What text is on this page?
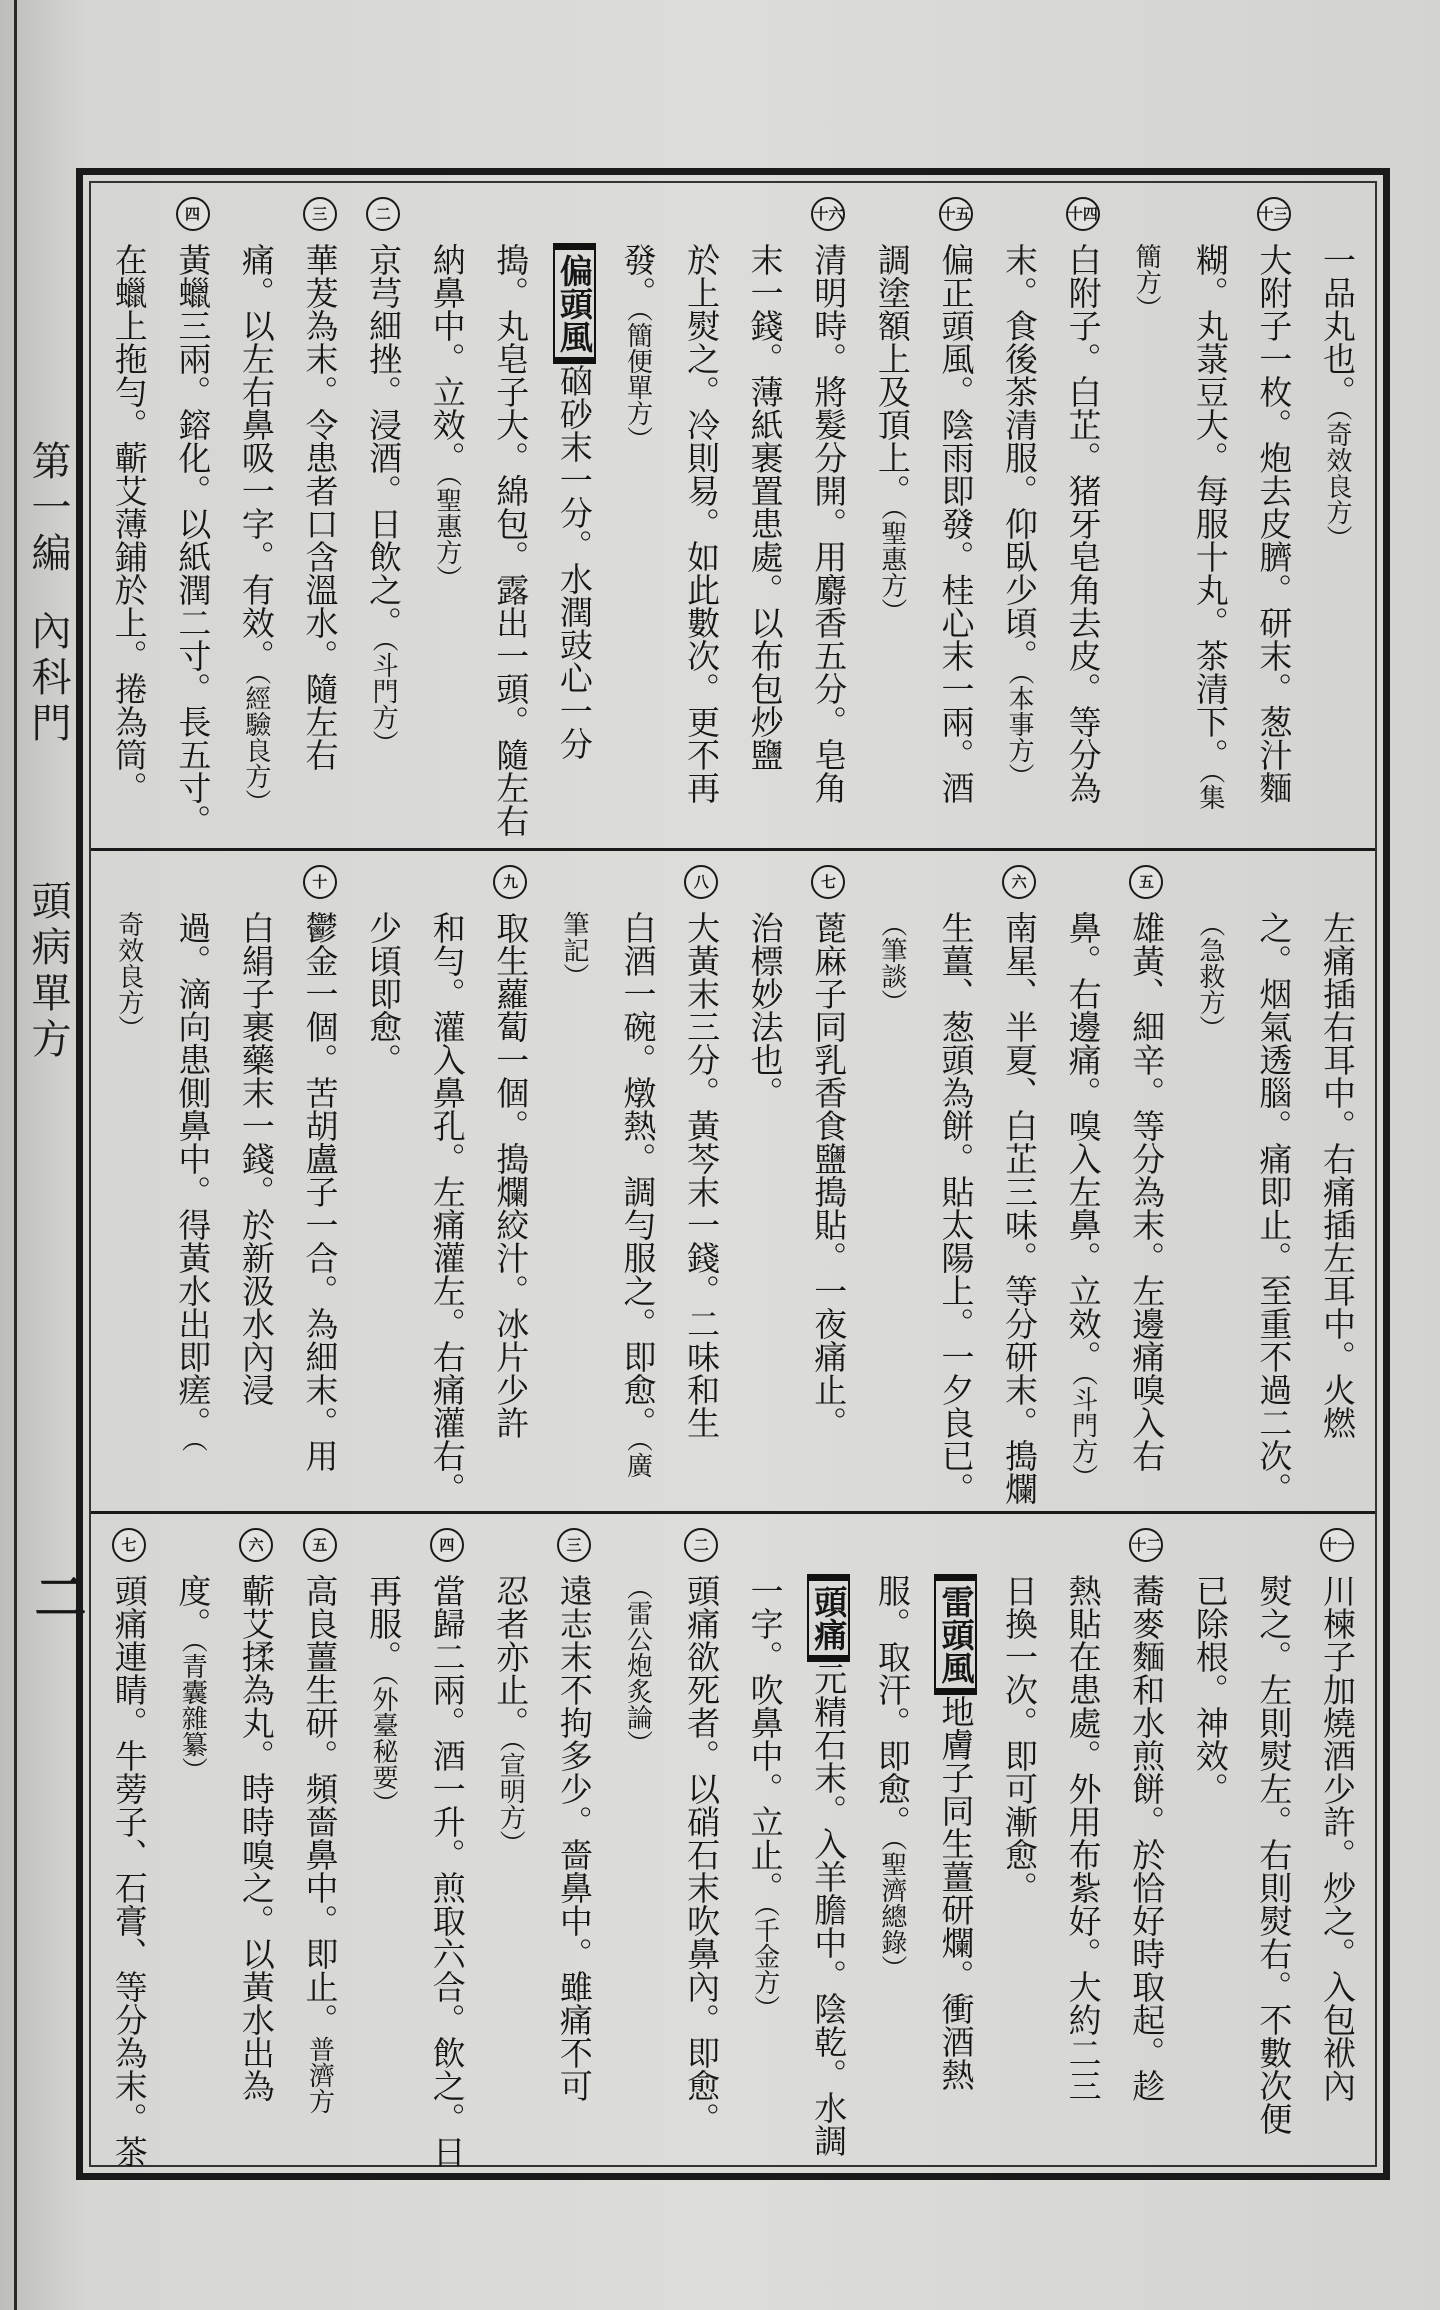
第一編
內科門
頭病單方
二
一品丸也。（奇效良方）
十三
大附子一枚。炮去皮臍。研末。葱汁麵
糊。丸菉豆大。每服十丸。茶清下。（集
簡方）
十四
白附子。白芷。猪牙皂角去皮。等分為
末。食後茶清服。仰臥少頃。（本事方）
十五
偏正頭風。陰雨即發。桂心末一兩。酒
調塗額上及頂上。（聖惠方）
十六
清明時。將髮分開。用麝香五分。皂角
末一錢。薄紙裹置患處。以布包炒鹽
於上熨之。冷則易。如此數次。更不再
發。（簡便單方）
偏頭風硇砂末一分。水潤豉心一分
搗。丸皂子大。綿包。露出一頭。隨左右
納鼻中。立效。（聖惠方）
二
京芎細挫。浸酒。日飲之。（斗門方）
三
華茇為末。令患者口含溫水。隨左右
痛。以左右鼻吸一字。有效。（經驗良方）
四
黃蠟三兩。鎔化。以紙潤二寸。長五寸。
在蠟上拖勻。蘄艾薄鋪於上。捲為筒。
左痛插右耳中。右痛插左耳中。火燃
之。烟氣透腦。痛即止。至重不過二次。
（急救方）
五
雄黃、細辛。等分為末。左邊痛嗅入右
鼻。右邊痛。嗅入左鼻。立效。（斗門方）
六
南星、半夏、白芷三味。等分研末。搗爛
生薑、葱頭為餅。貼太陽上。一夕良已。
（筆談）
七
蓖麻子同乳香食鹽搗貼。一夜痛止。
治標妙法也。
八
大黃末三分。黃芩末一錢。二味和生
白酒一碗。燉熱。調勻服之。即愈。（廣
筆記）
九
取生蘿蔔一個。搗爛絞汁。冰片少許
和勻。灌入鼻孔。左痛灌左。右痛灌右。
少頃即愈。
十
鬱金一個。苦胡盧子一合。為細末。用
白絹子裹藥末一錢。於新汲水內浸
過。滴向患側鼻中。得黃水出即瘥。（
奇效良方）
十一
川楝子加燒酒少許。炒之。入包袱內
熨之。左則熨左。右則熨右。不數次便
已除根。神效。
十二
蕎麥麵和水煎餅。於恰好時取起。趁
熱貼在患處。外用布紮好。大約二三
日換一次。即可漸愈。
雷頭風地膚子同生薑研爛。衝酒熱
服。取汗。即愈。（聖濟總錄）
頭痛元精石末。入羊膽中。陰乾。水調
一字。吹鼻中。立止。（千金方）
二
頭痛欲死者。以硝石末吹鼻內。即愈。
（雷公炮炙論）
三
遠志末不拘多少。嗇鼻中。雖痛不可
忍者亦止。（宣明方）
四
當歸二兩。酒一升。煎取六合。飲之。日
再服。（外臺秘要）
五
高良薑生研。頻嗇鼻中。即止。普濟方
六
蘄艾揉為丸。時時嗅之。以黃水出為
度。（青囊雜纂）
七
頭痛連睛。牛蒡子、石膏、等分為末。茶
